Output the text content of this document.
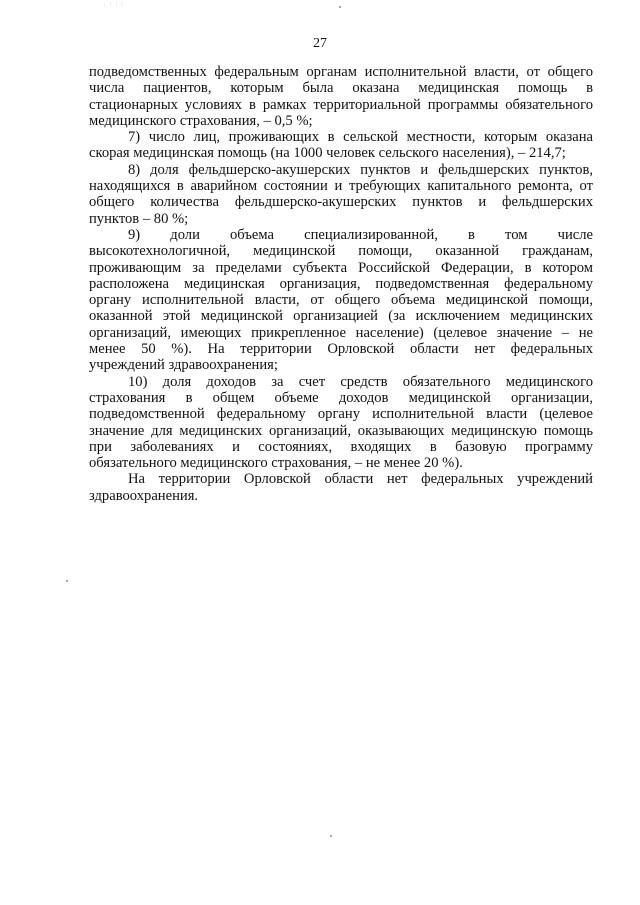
ᵎ ᶠ ˡ ᶦ
27
подведомственных федеральным органам исполнительной власти, от общего
числа пациентов, которым была оказана медицинская помощь в
стационарных условиях в рамках территориальной программы обязательного
медицинского страхования, – 0,5 %;
7) число лиц, проживающих в сельской местности, которым оказана
скорая медицинская помощь (на 1000 человек сельского населения), – 214,7;
8) доля фельдшерско-акушерских пунктов и фельдшерских пунктов,
находящихся в аварийном состоянии и требующих капитального ремонта, от
общего количества фельдшерско-акушерских пунктов и фельдшерских
пунктов – 80 %;
9) доли объема специализированной, в том числе
высокотехнологичной, медицинской помощи, оказанной гражданам,
проживающим за пределами субъекта Российской Федерации, в котором
расположена медицинская организация, подведомственная федеральному
органу исполнительной власти, от общего объема медицинской помощи,
оказанной этой медицинской организацией (за исключением медицинских
организаций, имеющих прикрепленное население) (целевое значение – не
менее 50 %). На территории Орловской области нет федеральных
учреждений здравоохранения;
10) доля доходов за счет средств обязательного медицинского
страхования в общем объеме доходов медицинской организации,
подведомственной федеральному органу исполнительной власти (целевое
значение для медицинских организаций, оказывающих медицинскую помощь
при заболеваниях и состояниях, входящих в базовую программу
обязательного медицинского страхования, – не менее 20 %).
На территории Орловской области нет федеральных учреждений
здравоохранения.
